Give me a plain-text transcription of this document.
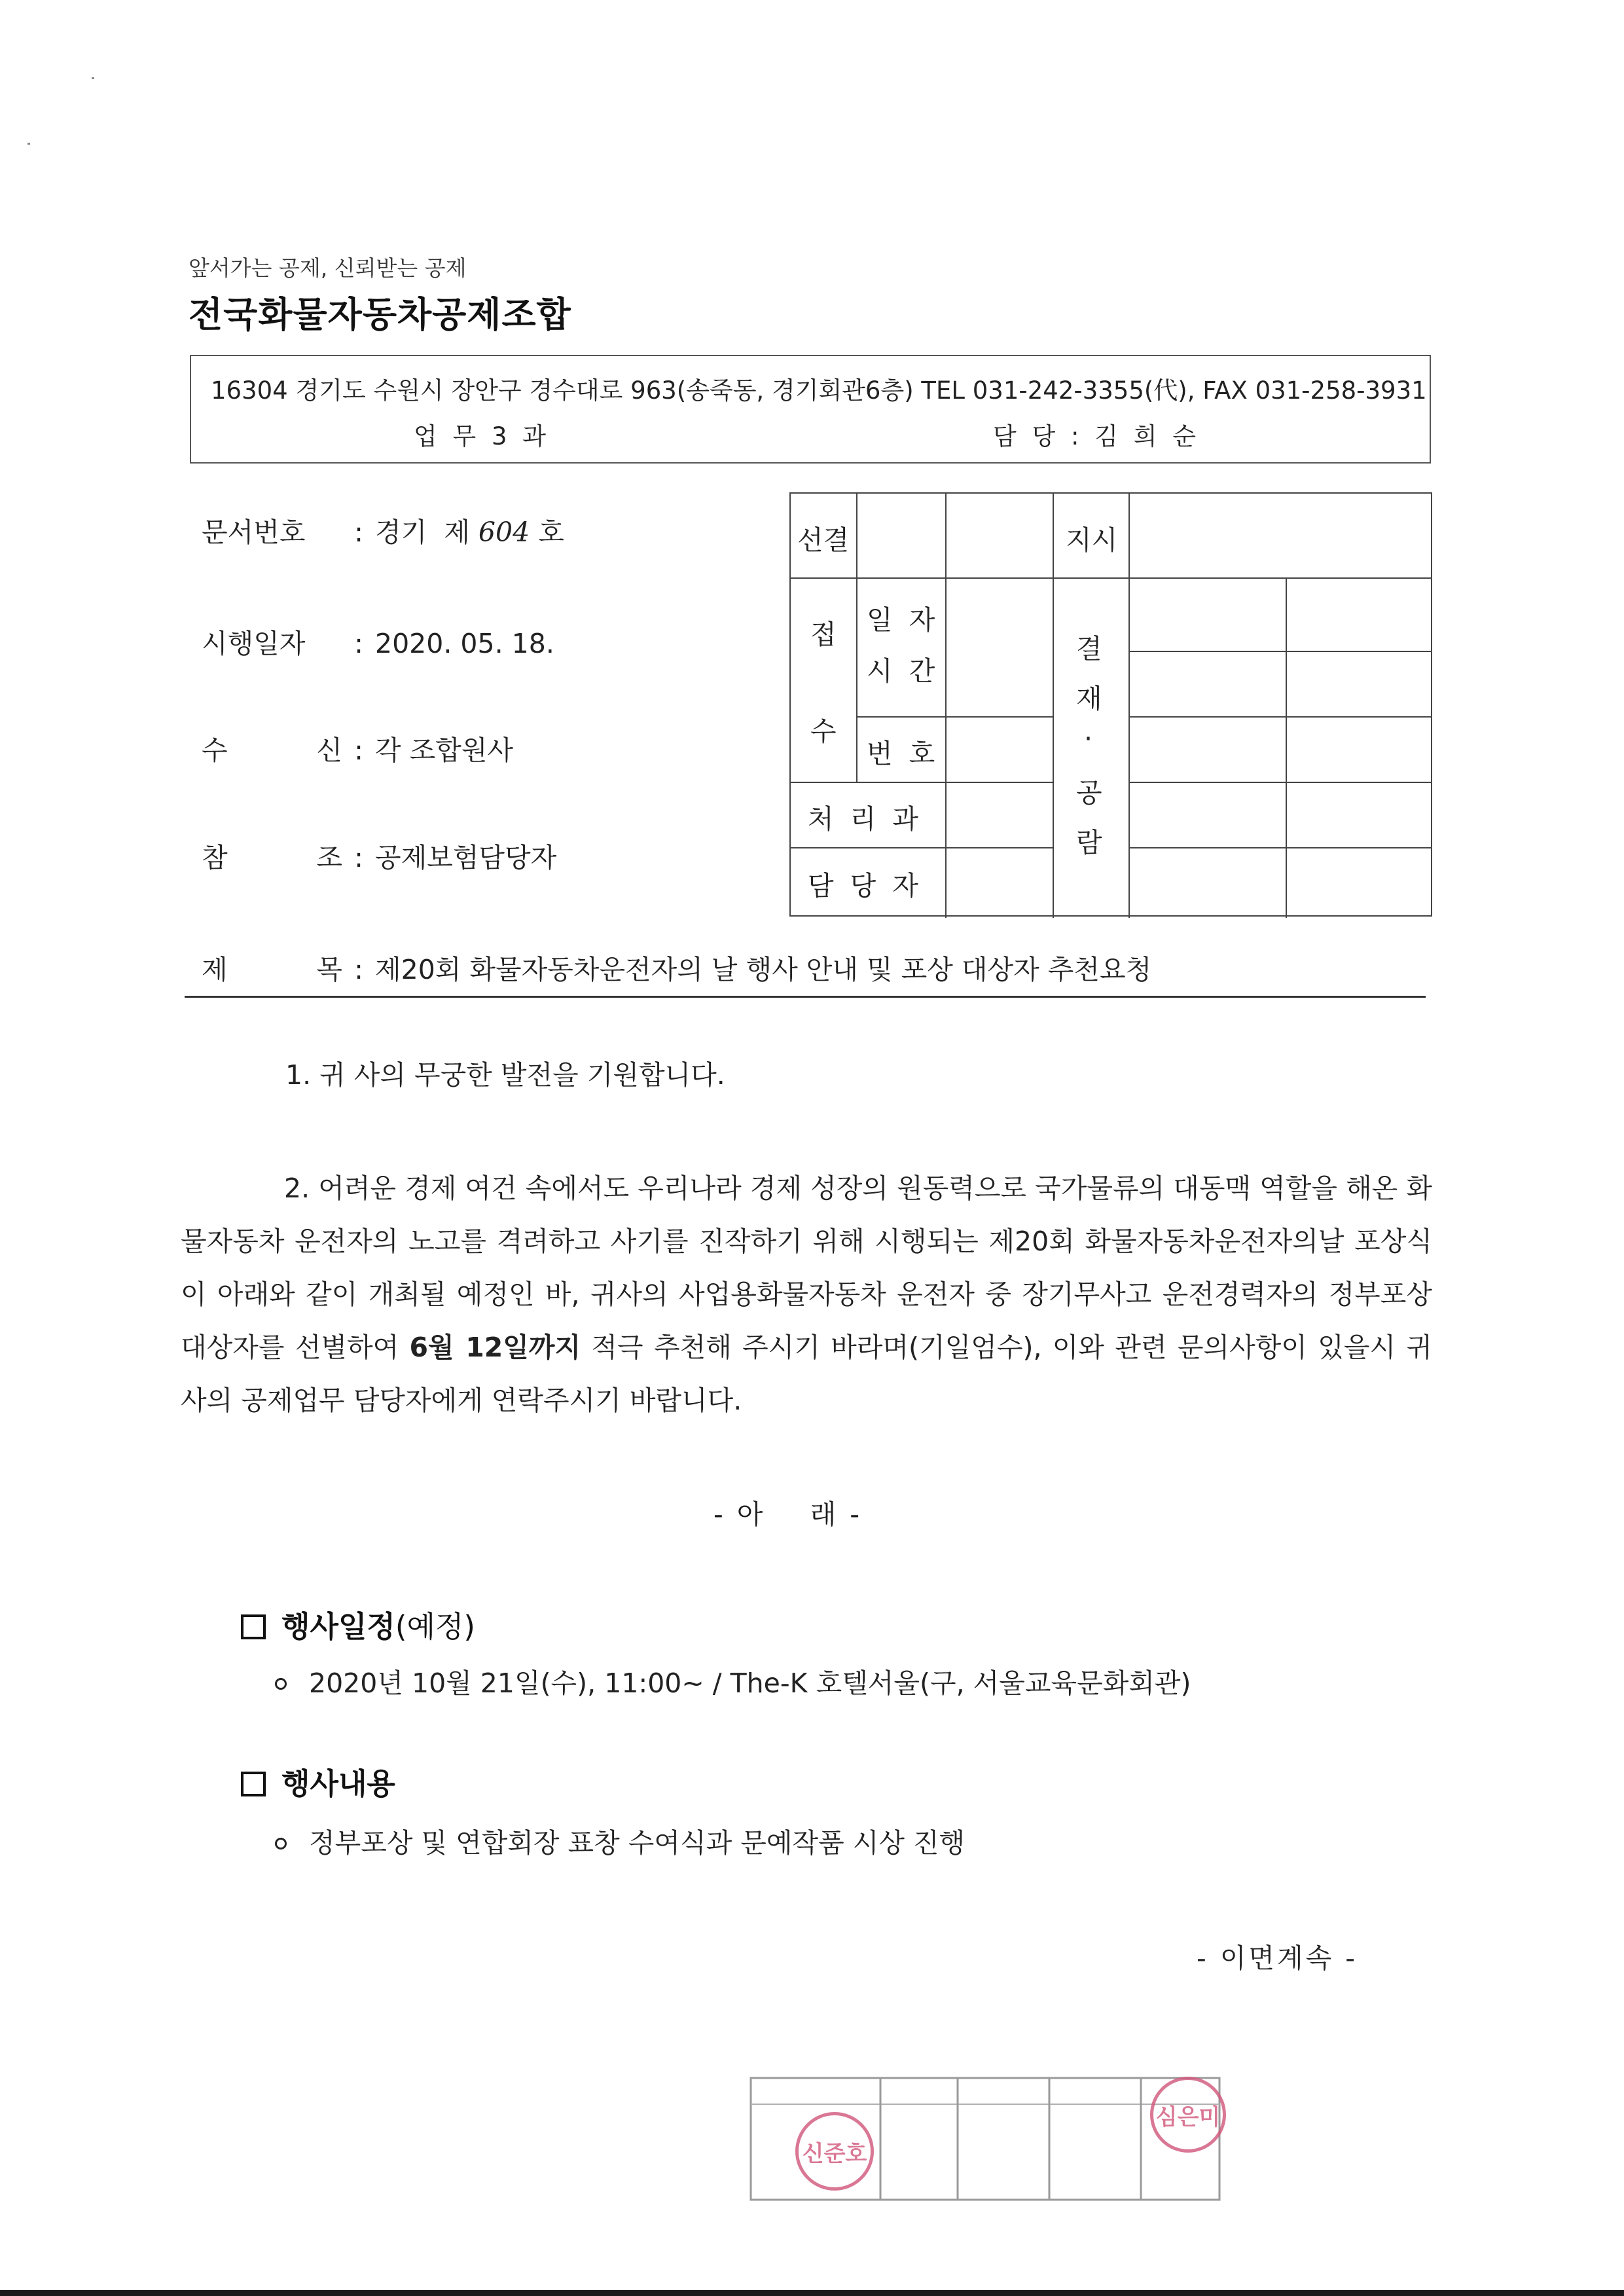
앞서가는 공제, 신뢰받는 공제
전국화물자동차공제조합
16304 경기도 수원시 장안구 경수대로 963(송죽동, 경기회관6층) TEL 031-242-3355(代), FAX 031-258-3931
업 무 3 과	담 당 : 김 희 순
문서번호 : 경기  제 604 호
시행일자 : 2020. 05. 18.
수 신 : 각 조합원사
참 조 : 공제보험담당자
제 목 : 제20회 화물자동차운전자의 날 행사 안내 및 포상 대상자 추천요청
선결	지시
접
수
일 자
시 간
번 호
처 리 과
담 당 자
결
재
·
공
람
1. 귀 사의 무궁한 발전을 기원합니다.
2. 어려운 경제 여건 속에서도 우리나라 경제 성장의 원동력으로 국가물류의 대동맥 역할을 해온 화물자동차 운전자의 노고를 격려하고 사기를 진작하기 위해 시행되는 제20회 화물자동차운전자의날 포상식이 아래와 같이 개최될 예정인 바, 귀사의 사업용화물자동차 운전자 중 장기무사고 운전경력자의 정부포상 대상자를 선별하여 6월 12일까지 적극 추천해 주시기 바라며(기일엄수), 이와 관련 문의사항이 있을시 귀사의 공제업무 담당자에게 연락주시기 바랍니다.
- 아    래 -
행사일정(예정)
2020년 10월 21일(수), 11:00~ / The-K 호텔서울(구, 서울교육문화회관)
행사내용
정부포상 및 연합회장 표창 수여식과 문예작품 시상 진행
- 이면계속 -
신준호
심은미
